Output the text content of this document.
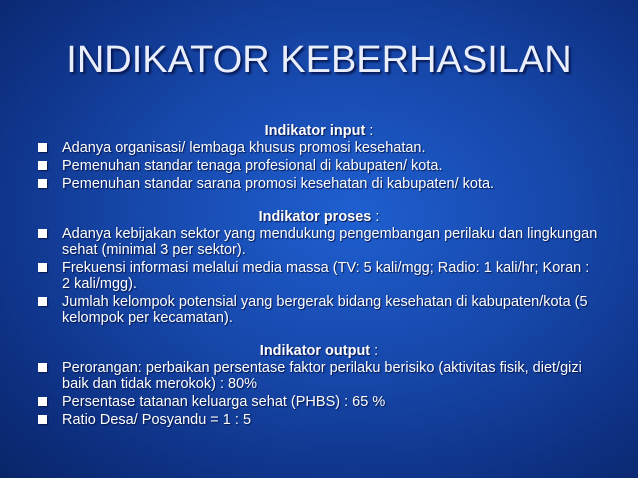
INDIKATOR KEBERHASILAN
Indikator input :
Adanya organisasi/ lembaga khusus promosi kesehatan.
Pemenuhan standar tenaga profesional di kabupaten/ kota.
Pemenuhan standar sarana promosi kesehatan di kabupaten/ kota.
Indikator proses :
Adanya kebijakan sektor yang mendukung pengembangan perilaku dan lingkungan sehat (minimal 3 per sektor).
Frekuensi informasi melalui media massa (TV: 5 kali/mgg; Radio: 1 kali/hr; Koran : 2 kali/mgg).
Jumlah kelompok potensial yang bergerak bidang kesehatan di kabupaten/kota (5 kelompok per kecamatan).
Indikator output :
Perorangan: perbaikan persentase faktor perilaku berisiko (aktivitas fisik, diet/gizi baik dan tidak merokok) : 80%
Persentase tatanan keluarga sehat (PHBS) : 65 %
Ratio Desa/ Posyandu = 1 : 5
